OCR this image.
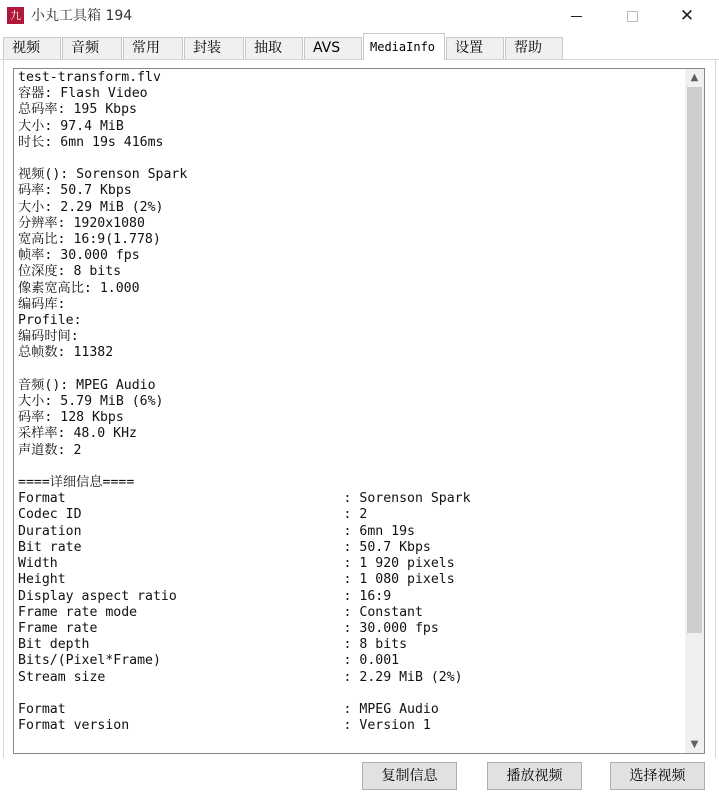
九 小丸工具箱 194	✕
视频	音频	常用	封装	抽取	AVS	MediaInfo	设置	帮助
test-transform.flv
容器: Flash Video
总码率: 195 Kbps
大小: 97.4 MiB
时长: 6mn 19s 416ms

视频(): Sorenson Spark
码率: 50.7 Kbps
大小: 2.29 MiB (2%)
分辨率: 1920x1080
宽高比: 16:9(1.778)
帧率: 30.000 fps
位深度: 8 bits
像素宽高比: 1.000
编码库:
Profile:
编码时间:
总帧数: 11382

音频(): MPEG Audio
大小: 5.79 MiB (6%)
码率: 128 Kbps
采样率: 48.0 KHz
声道数: 2

====详细信息====
Format                                   : Sorenson Spark
Codec ID                                 : 2
Duration                                 : 6mn 19s
Bit rate                                 : 50.7 Kbps
Width                                    : 1 920 pixels
Height                                   : 1 080 pixels
Display aspect ratio                     : 16:9
Frame rate mode                          : Constant
Frame rate                               : 30.000 fps
Bit depth                                : 8 bits
Bits/(Pixel*Frame)                       : 0.001
Stream size                              : 2.29 MiB (2%)

Format                                   : MPEG Audio
Format version                           : Version 1
▲
▼
复制信息	播放视频	选择视频
